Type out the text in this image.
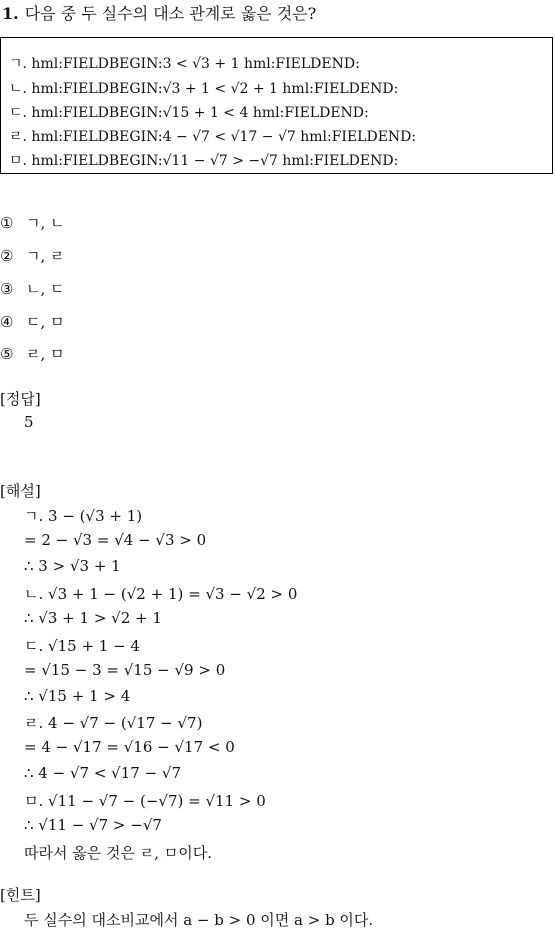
1. 다음 중 두 실수의 대소 관계로 옳은 것은?
ㄱ. hml:FIELDBEGIN:3 < √3 + 1 hml:FIELDEND:
ㄴ. hml:FIELDBEGIN:√3 + 1 < √2 + 1 hml:FIELDEND:
ㄷ. hml:FIELDBEGIN:√15 + 1 < 4 hml:FIELDEND:
ㄹ. hml:FIELDBEGIN:4 − √7 < √17 − √7 hml:FIELDEND:
ㅁ. hml:FIELDBEGIN:√11 − √7 > −√7 hml:FIELDEND:
① ㄱ, ㄴ
② ㄱ, ㄹ
③ ㄴ, ㄷ
④ ㄷ, ㅁ
⑤ ㄹ, ㅁ
[정답]
5
[해설]
ㄱ. 3 − (√3 + 1)
= 2 − √3 = √4 − √3 > 0
∴ 3 > √3 + 1
ㄴ. √3 + 1 − (√2 + 1) = √3 − √2 > 0
∴ √3 + 1 > √2 + 1
ㄷ. √15 + 1 − 4
= √15 − 3 = √15 − √9 > 0
∴ √15 + 1 > 4
ㄹ. 4 − √7 − (√17 − √7)
= 4 − √17 = √16 − √17 < 0
∴ 4 − √7 < √17 − √7
ㅁ. √11 − √7 − (−√7) = √11 > 0
∴ √11 − √7 > −√7
따라서 옳은 것은 ㄹ, ㅁ이다.
[힌트]
두 실수의 대소비교에서 a − b > 0 이면 a > b 이다.
